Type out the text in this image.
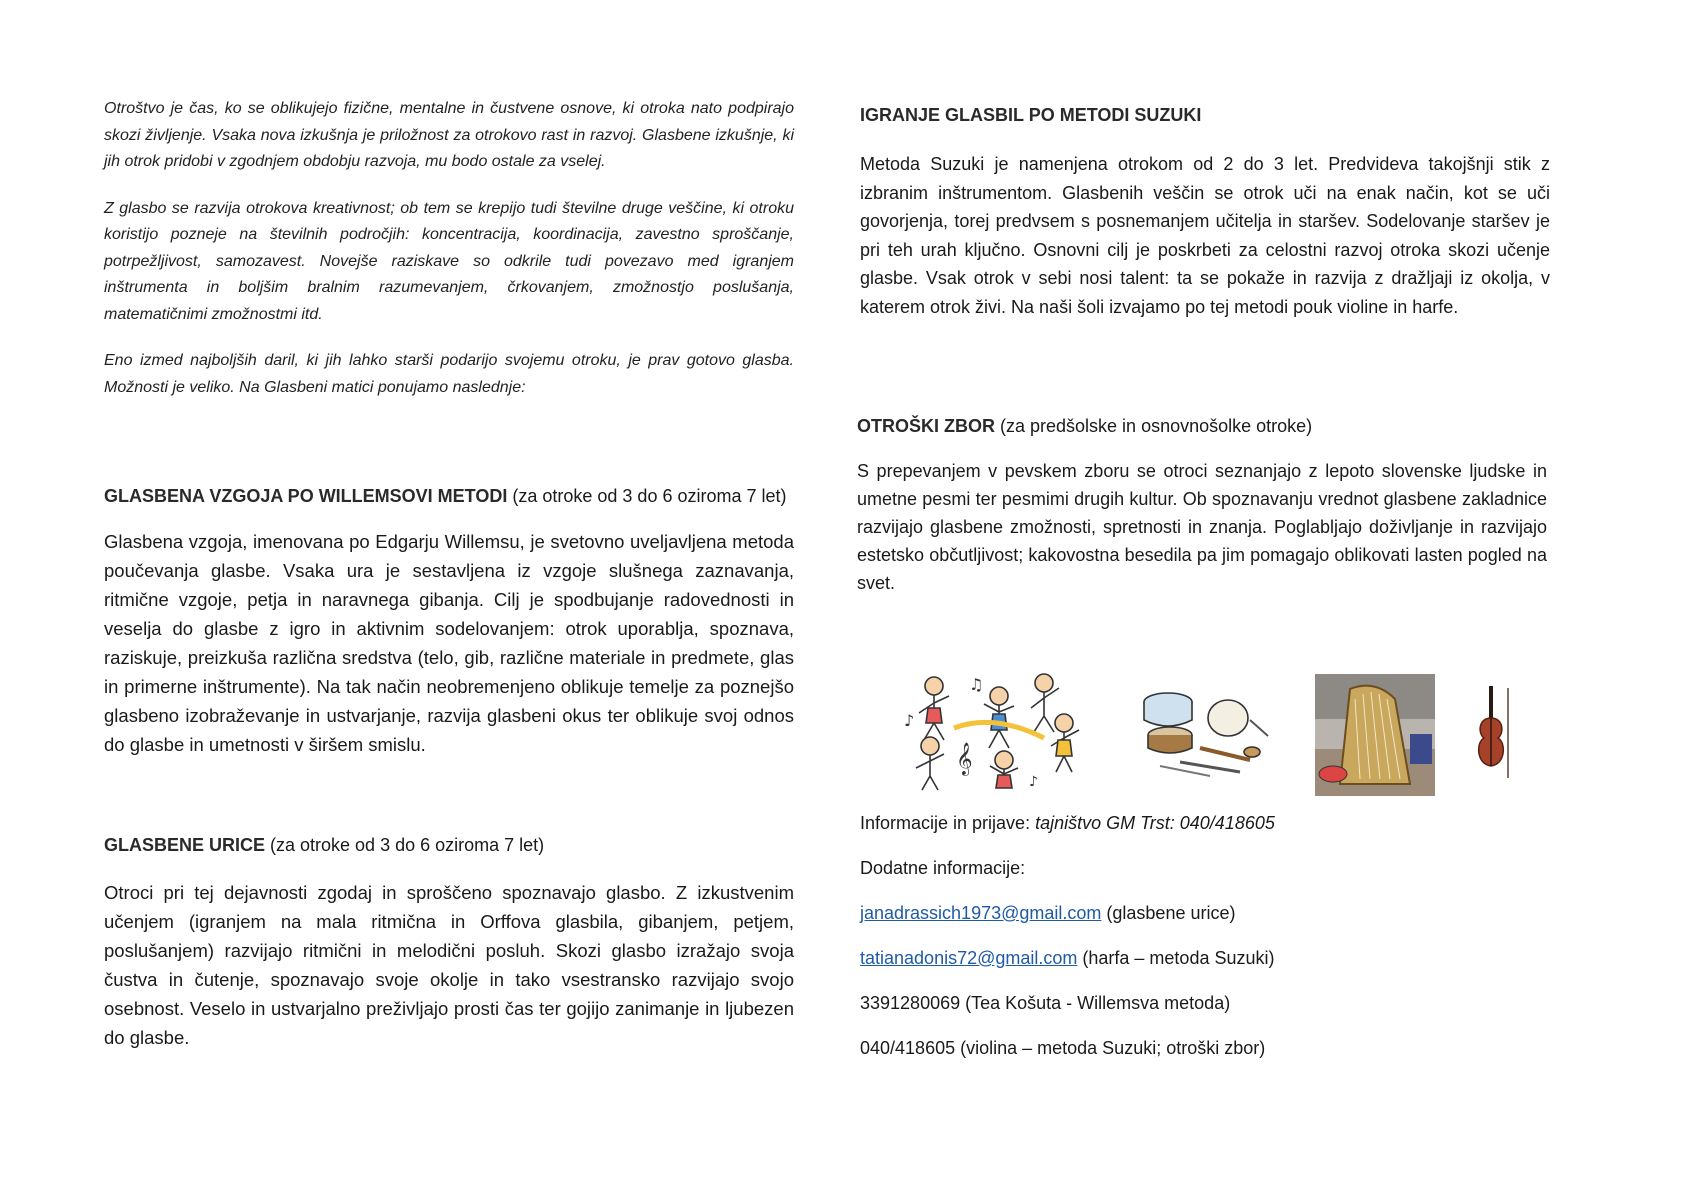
Otroštvo je čas, ko se oblikujejo fizične, mentalne in čustvene osnove, ki otroka nato podpirajo skozi življenje. Vsaka nova izkušnja je priložnost za otrokovo rast in razvoj. Glasbene izkušnje, ki jih otrok pridobi v zgodnjem obdobju razvoja, mu bodo ostale za vselej.

Z glasbo se razvija otrokova kreativnost; ob tem se krepijo tudi številne druge veščine, ki otroku koristijo pozneje na številnih področjih: koncentracija, koordinacija, zavestno sproščanje, potrpežljivost, samozavest. Novejše raziskave so odkrile tudi povezavo med igranjem inštrumenta in boljšim bralnim razumevanjem, črkovanjem, zmožnostjo poslušanja, matematičnimi zmožnostmi itd.

Eno izmed najboljših daril, ki jih lahko starši podarijo svojemu otroku, je prav gotovo glasba. Možnosti je veliko. Na Glasbeni matici ponujamo naslednje:

GLASBENA VZGOJA PO WILLEMSOVI METODI (za otroke od 3 do 6 oziroma 7 let)

Glasbena vzgoja, imenovana po Edgarju Willemsu, je svetovno uveljavljena metoda poučevanja glasbe. Vsaka ura je sestavljena iz vzgoje slušnega zaznavanja, ritmične vzgoje, petja in naravnega gibanja. Cilj je spodbujanje radovednosti in veselja do glasbe z igro in aktivnim sodelovanjem: otrok uporablja, spoznava, raziskuje, preizkuša različna sredstva (telo, gib, različne materiale in predmete, glas in primerne inštrumente). Na tak način neobremenjeno oblikuje temelje za poznejšo glasbeno izobraževanje in ustvarjanje, razvija glasbeni okus ter oblikuje svoj odnos do glasbe in umetnosti v širšem smislu.

GLASBENE URICE (za otroke od 3 do 6 oziroma 7 let)

Otroci pri tej dejavnosti zgodaj in sproščeno spoznavajo glasbo. Z izkustvenim učenjem (igranjem na mala ritmična in Orffova glasbila, gibanjem, petjem, poslušanjem) razvijajo ritmični in melodični posluh. Skozi glasbo izražajo svoja čustva in čutenje, spoznavajo svoje okolje in tako vsestransko razvijajo svojo osebnost. Veselo in ustvarjalno preživljajo prosti čas ter gojijo zanimanje in ljubezen do glasbe.

IGRANJE GLASBIL PO METODI SUZUKI

Metoda Suzuki je namenjena otrokom od 2 do 3 let. Predvideva takojšnji stik z izbranim inštrumentom. Glasbenih veščin se otrok uči na enak način, kot se uči govorjenja, torej predvsem s posnemanjem učitelja in staršev. Sodelovanje staršev je pri teh urah ključno. Osnovni cilj je poskrbeti za celostni razvoj otroka skozi učenje glasbe. Vsak otrok v sebi nosi talent: ta se pokaže in razvija z dražljaji iz okolja, v katerem otrok živi. Na naši šoli izvajamo po tej metodi pouk violine in harfe.

OTROŠKI ZBOR (za predšolske in osnovnošolke otroke)

S prepevanjem v pevskem zboru se otroci seznanjajo z lepoto slovenske ljudske in umetne pesmi ter pesmimi drugih kultur. Ob spoznavanju vrednot glasbene zakladnice razvijajo glasbene zmožnosti, spretnosti in znanja. Poglabljajo doživljanje in razvijajo estetsko občutljivost; kakovostna besedila pa jim pomagajo oblikovati lasten pogled na svet.

𝄞
♪
♫
♪
Informacije in prijave: tajništvo GM Trst: 040/418605
Dodatne informacije:
janadrassich1973@gmail.com (glasbene urice)
tatianadonis72@gmail.com (harfa – metoda Suzuki)
3391280069 (Tea Košuta - Willemsva metoda)
040/418605 (violina – metoda Suzuki; otroški zbor)
